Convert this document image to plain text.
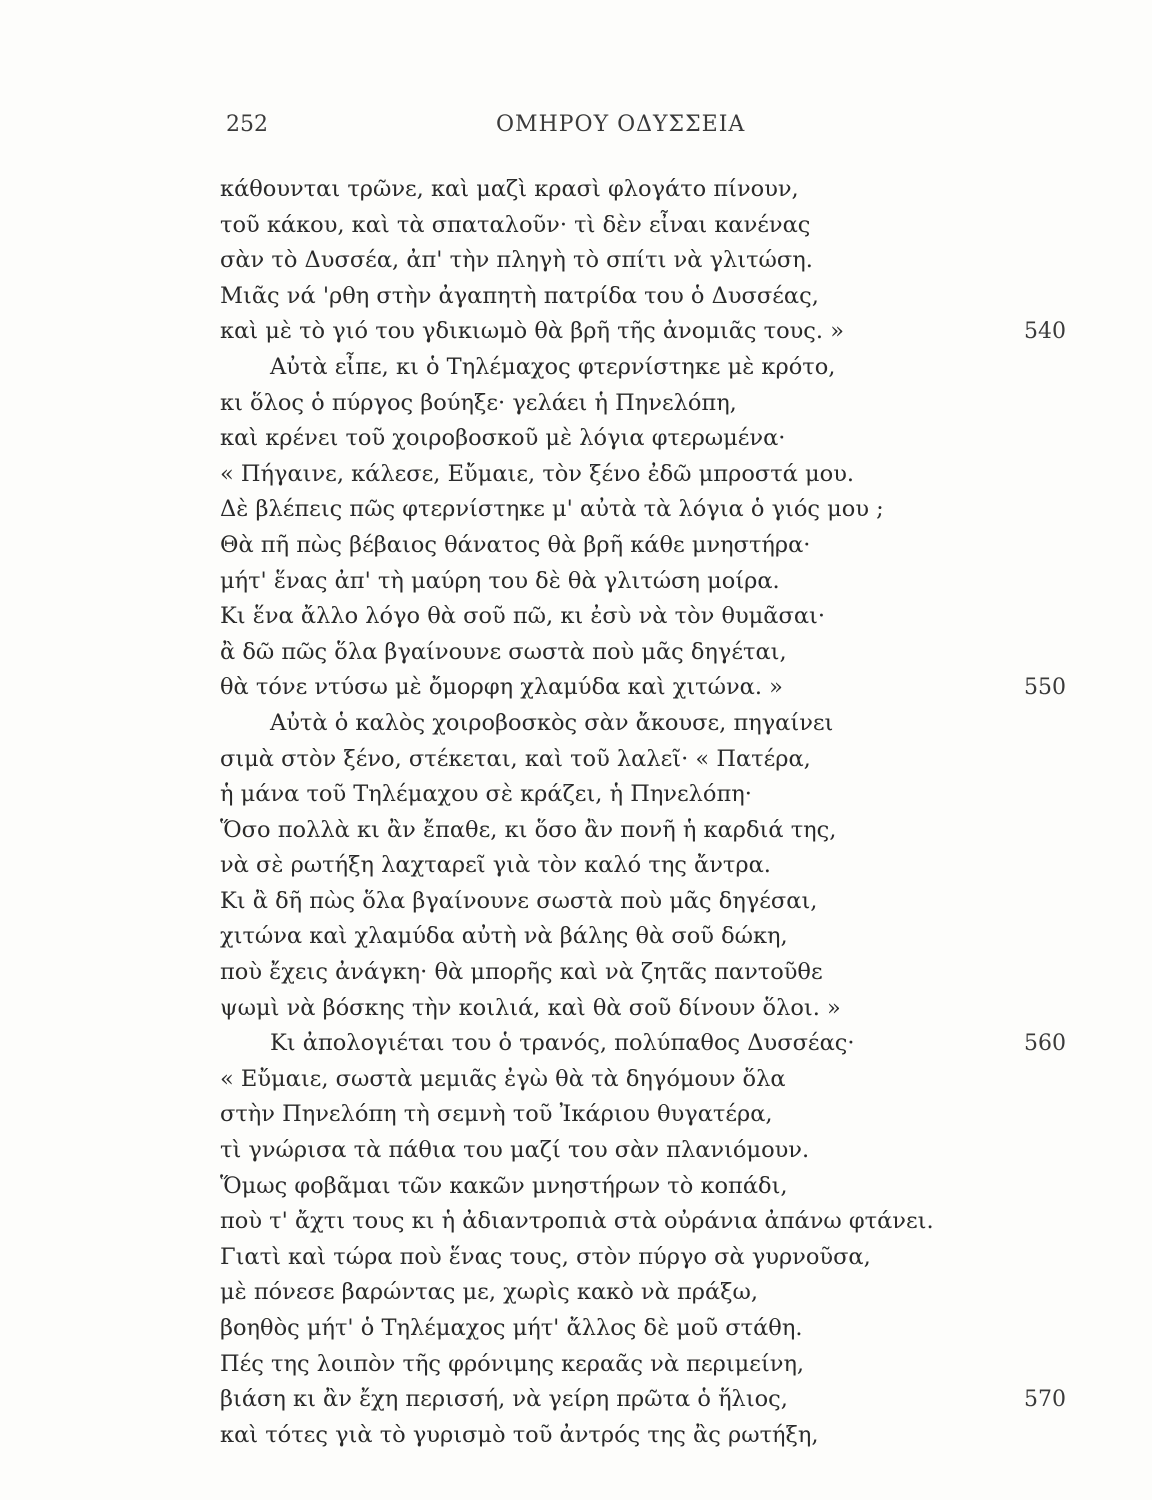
252	ΟΜΗΡΟΥ ΟΔΥΣΣΕΙΑ
κάθουνται τρῶνε, καὶ μαζὶ κρασὶ φλογάτο πίνουν,
τοῦ κάκου, καὶ τὰ σπαταλοῦν· τὶ δὲν εἶναι κανένας
σὰν τὸ Δυσσέα, ἀπ' τὴν πληγὴ τὸ σπίτι νὰ γλιτώση.
Μιᾶς νά 'ρθη στὴν ἀγαπητὴ πατρίδα του ὁ Δυσσέας,
καὶ μὲ τὸ γιό του γδικιωμὸ θὰ βρῆ τῆς ἀνομιᾶς τους. »	540
Αὐτὰ εἶπε, κι ὁ Τηλέμαχος φτερνίστηκε μὲ κρότο,
κι ὅλος ὁ πύργος βούηξε· γελάει ἡ Πηνελόπη,
καὶ κρένει τοῦ χοιροβοσκοῦ μὲ λόγια φτερωμένα·
« Πήγαινε, κάλεσε, Εὔμαιε, τὸν ξένο ἐδῶ μπροστά μου.
Δὲ βλέπεις πῶς φτερνίστηκε μ' αὐτὰ τὰ λόγια ὁ γιός μου ;
Θὰ πῆ πὼς βέβαιος θάνατος θὰ βρῆ κάθε μνηστήρα·
μήτ' ἕνας ἀπ' τὴ μαύρη του δὲ θὰ γλιτώση μοίρα.
Κι ἕνα ἄλλο λόγο θὰ σοῦ πῶ, κι ἐσὺ νὰ τὸν θυμᾶσαι·
ἂ δῶ πῶς ὅλα βγαίνουνε σωστὰ ποὺ μᾶς δηγέται,
θὰ τόνε ντύσω μὲ ὄμορφη χλαμύδα καὶ χιτώνα. »	550
Αὐτὰ ὁ καλὸς χοιροβοσκὸς σὰν ἄκουσε, πηγαίνει
σιμὰ στὸν ξένο, στέκεται, καὶ τοῦ λαλεῖ· « Πατέρα,
ἡ μάνα τοῦ Τηλέμαχου σὲ κράζει, ἡ Πηνελόπη·
Ὅσο πολλὰ κι ἂν ἔπαθε, κι ὅσο ἂν πονῆ ἡ καρδιά της,
νὰ σὲ ρωτήξη λαχταρεῖ γιὰ τὸν καλό της ἄντρα.
Κι ἂ δῆ πὼς ὅλα βγαίνουνε σωστὰ ποὺ μᾶς δηγέσαι,
χιτώνα καὶ χλαμύδα αὐτὴ νὰ βάλης θὰ σοῦ δώκη,
ποὺ ἔχεις ἀνάγκη· θὰ μπορῆς καὶ νὰ ζητᾶς παντοῦθε
ψωμὶ νὰ βόσκης τὴν κοιλιά, καὶ θὰ σοῦ δίνουν ὅλοι. »
Κι ἀπολογιέται του ὁ τρανός, πολύπαθος Δυσσέας·	560
« Εὔμαιε, σωστὰ μεμιᾶς ἐγὼ θὰ τὰ δηγόμουν ὅλα
στὴν Πηνελόπη τὴ σεμνὴ τοῦ Ἰκάριου θυγατέρα,
τὶ γνώρισα τὰ πάθια του μαζί του σὰν πλανιόμουν.
Ὅμως φοβᾶμαι τῶν κακῶν μνηστήρων τὸ κοπάδι,
ποὺ τ' ἄχτι τους κι ἡ ἀδιαντροπιὰ στὰ οὐράνια ἀπάνω φτάνει.
Γιατὶ καὶ τώρα ποὺ ἕνας τους, στὸν πύργο σὰ γυρνοῦσα,
μὲ πόνεσε βαρώντας με, χωρὶς κακὸ νὰ πράξω,
βοηθὸς μήτ' ὁ Τηλέμαχος μήτ' ἄλλος δὲ μοῦ στάθη.
Πές της λοιπὸν τῆς φρόνιμης κεραᾶς νὰ περιμείνη,
βιάση κι ἂν ἔχη περισσή, νὰ γείρη πρῶτα ὁ ἥλιος,	570
καὶ τότες γιὰ τὸ γυρισμὸ τοῦ ἀντρός της ἂς ρωτήξη,
